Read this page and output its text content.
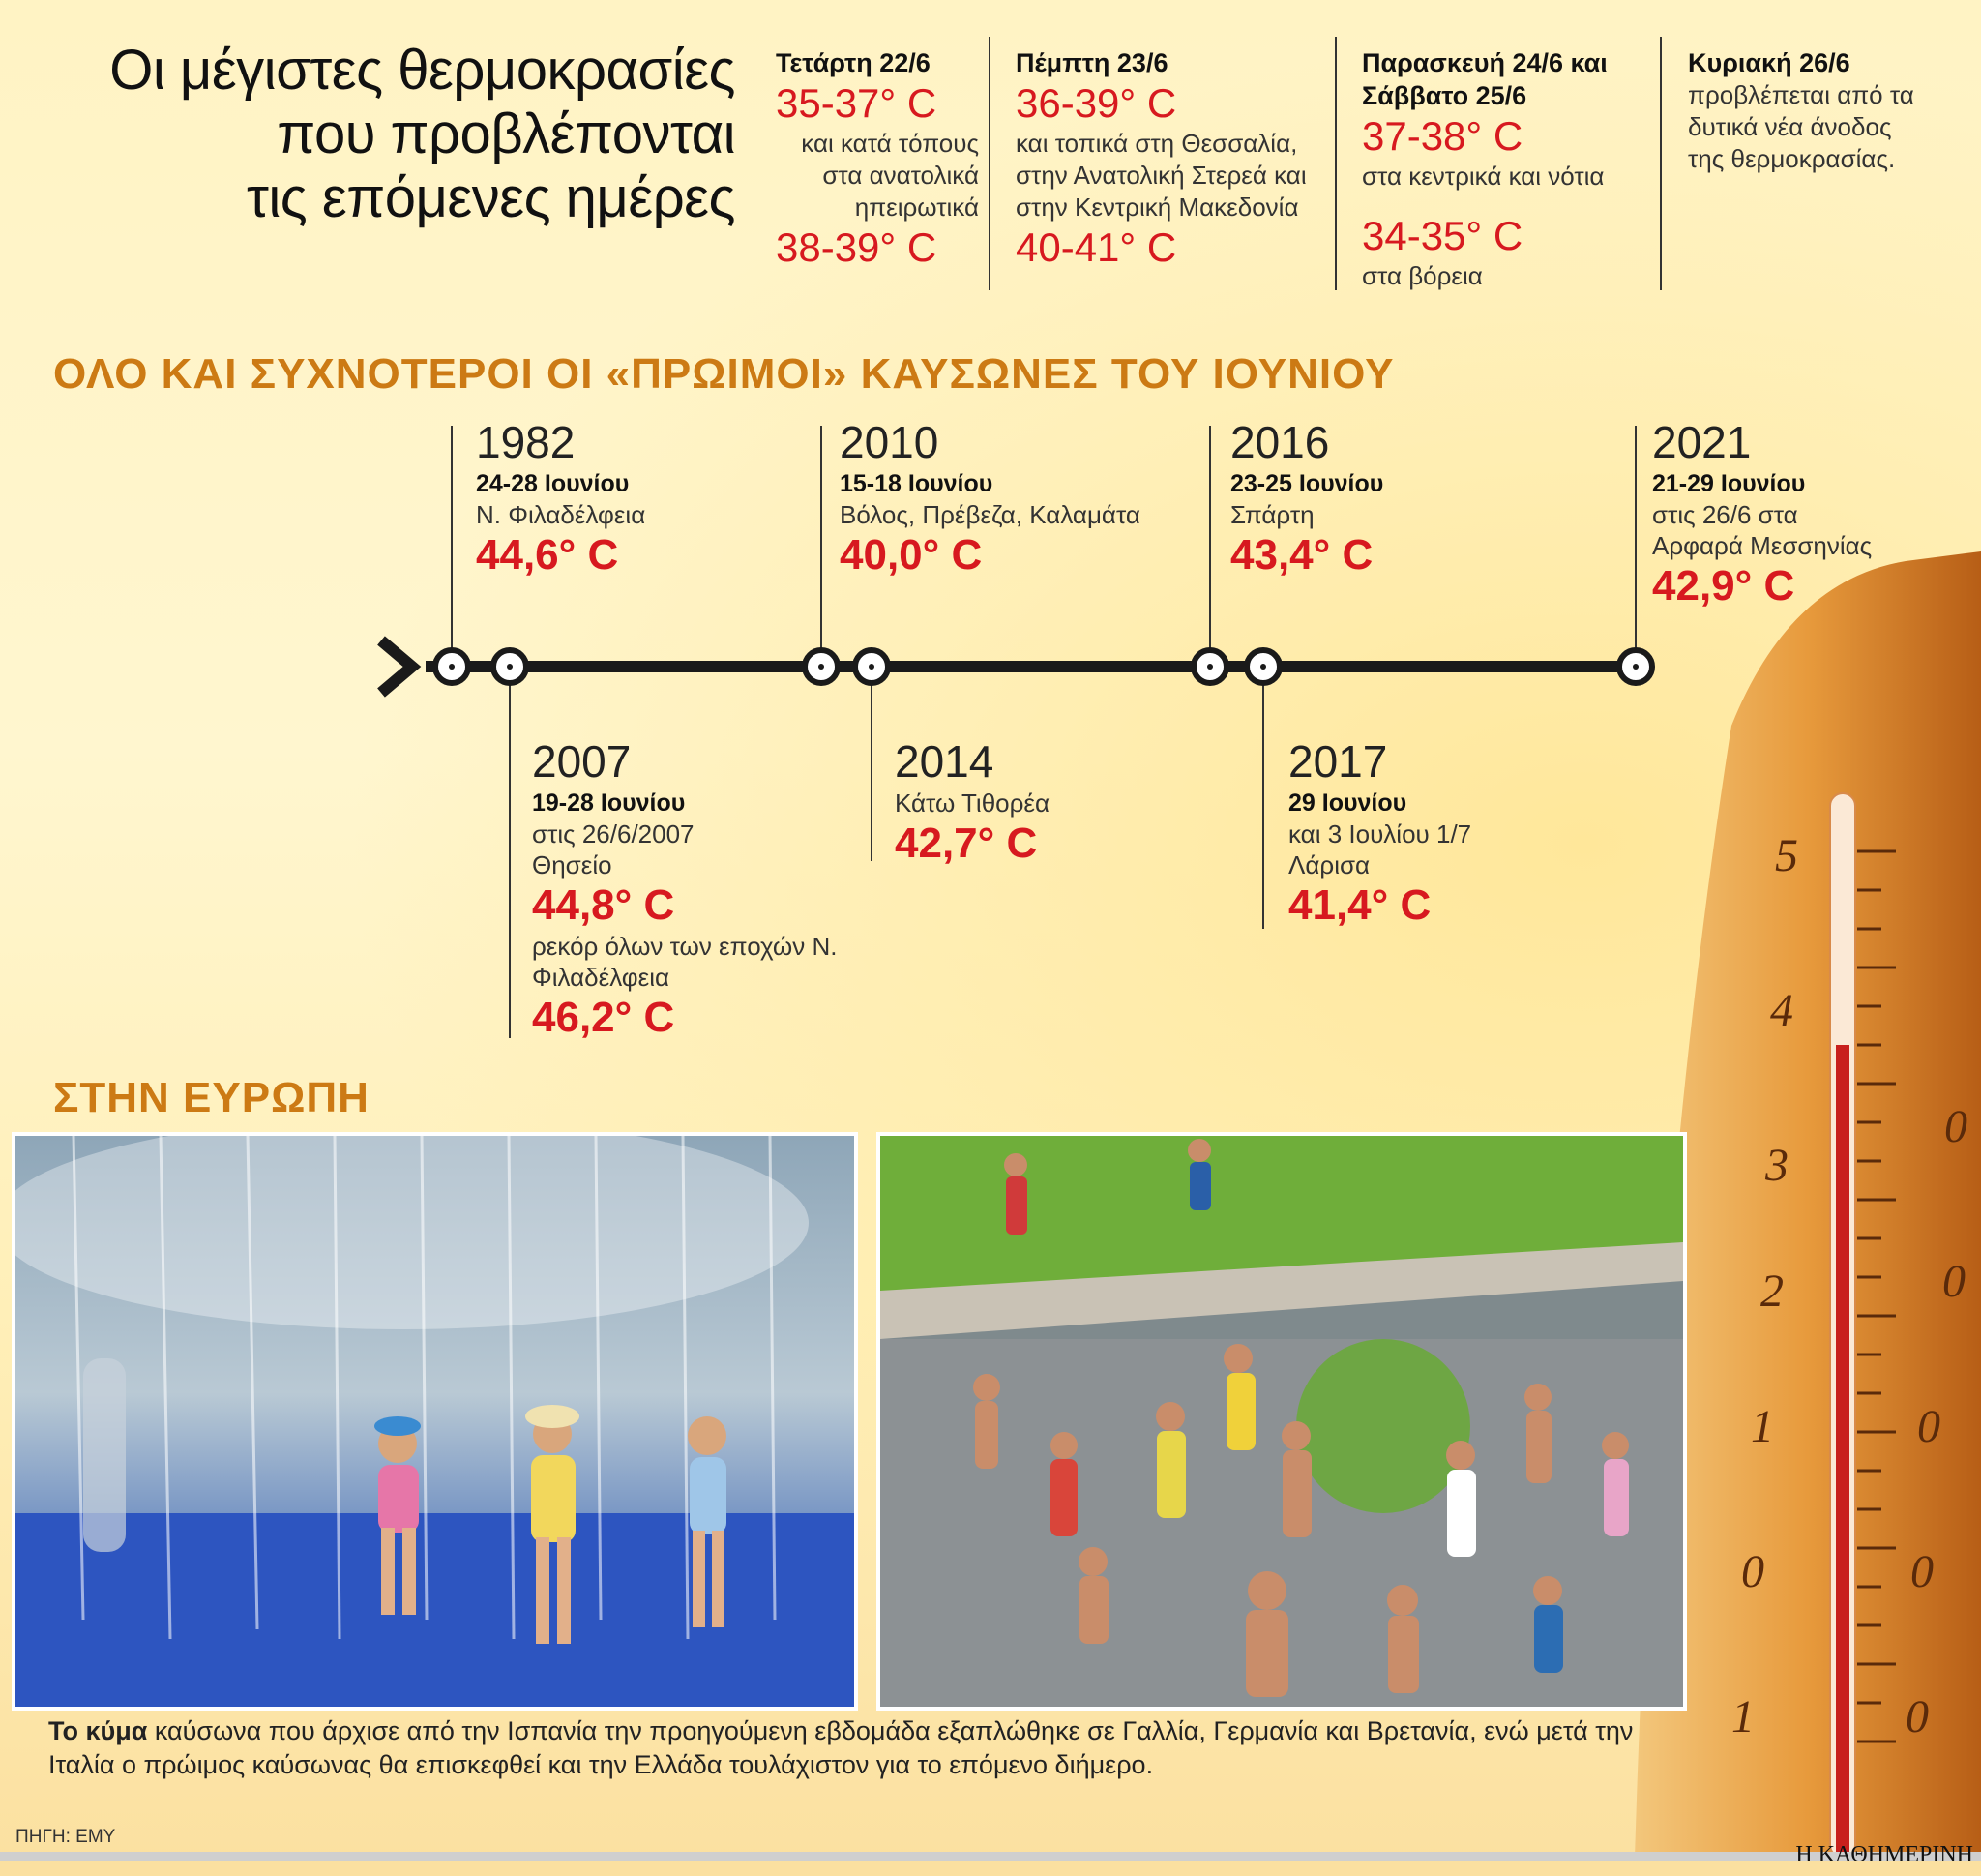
Οι μέγιστες θερμοκρασίες
που προβλέπονται
τις επόμενες ημέρες
Τετάρτη 22/6
35-37° C
και κατά τόπους στα ανατολικά ηπειρωτικά
38-39° C
Πέμπτη 23/6
36-39° C
και τοπικά στη Θεσσαλία, στην Ανατολική Στερεά και στην Κεντρική Μακεδονία
40-41° C
Παρασκευή 24/6 και Σάββατο 25/6
37-38° C
στα κεντρικά και νότια
34-35° C
στα βόρεια
Κυριακή 26/6
προβλέπεται από τα δυτικά νέα άνοδος της θερμοκρασίας.
5
4
3
2
1
0
1
0
0
0
0
0
ΟΛΟ ΚΑΙ ΣΥΧΝΟΤΕΡΟΙ ΟΙ «ΠΡΩΙΜΟΙ» ΚΑΥΣΩΝΕΣ ΤΟΥ ΙΟΥΝΙΟΥ
1982
24-28 Ιουνίου
Ν. Φιλαδέλφεια
44,6° C
2010
15-18 Ιουνίου
Βόλος, Πρέβεζα, Καλαμάτα
40,0° C
2016
23-25 Ιουνίου
Σπάρτη
43,4° C
2021
21-29 Ιουνίου
στις 26/6 στα Αρφαρά Μεσσηνίας
42,9° C
2007
19-28 Ιουνίου
στις 26/6/2007 Θησείο
44,8° C
ρεκόρ όλων των εποχών Ν. Φιλαδέλφεια
46,2° C
2014
Κάτω Τιθορέα
42,7° C
2017
29 Ιουνίου
και 3 Ιουλίου 1/7 Λάρισα
41,4° C
ΣΤΗΝ ΕΥΡΩΠΗ
Το κύμα καύσωνα που άρχισε από την Ισπανία την προηγούμενη εβδομάδα εξαπλώθηκε σε Γαλλία, Γερμανία και Βρετανία, ενώ μετά την Ιταλία ο πρώιμος καύσωνας θα επισκεφθεί και την Ελλάδα τουλάχιστον για το επόμενο διήμερο.
ΠΗΓΗ: ΕΜΥ
Η ΚΑΘΗΜΕΡΙΝΗ
